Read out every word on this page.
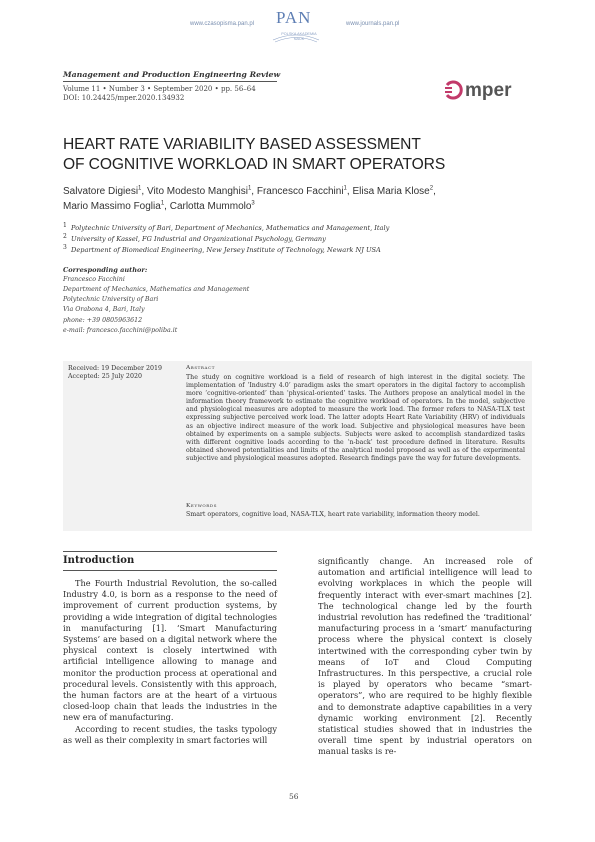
www.czasopisma.pan.pl	www.journals.pan.pl
PAN
POLSKA AKADEMIA NAUK
Management and Production Engineering Review
Volume 11 • Number 3 • September 2020 • pp. 56–64
DOI: 10.24425/mper.2020.134932	mper
HEART RATE VARIABILITY BASED ASSESSMENT
OF COGNITIVE WORKLOAD IN SMART OPERATORS
Salvatore Digiesi$^1$, Vito Modesto Manghisi$^1$, Francesco Facchini$^1$, Elisa Maria Klose$^2$,
Mario Massimo Foglia$^1$, Carlotta Mummolo$^3$
$^1$ Polytechnic University of Bari, Department of Mechanics, Mathematics and Management, Italy
$^2$ University of Kassel, FG Industrial and Organizational Psychology, Germany
$^3$ Department of Biomedical Engineering, New Jersey Institute of Technology, Newark NJ USA
Corresponding author:
Francesco Facchini
Department of Mechanics, Mathematics and Management
Polytechnic University of Bari
Via Orabona 4, Bari, Italy
phone: +39 0805963612
e-mail: francesco.facchini@poliba.it
Received: 19 December 2019
Accepted: 25 July 2020
Abstract
The study on cognitive workload is a field of research of high interest in the digital society. The implementation of ‘Industry 4.0’ paradigm asks the smart operators in the digital factory to accomplish more ‘cognitive-oriented’ than ‘physical-oriented’ tasks. The Authors propose an analytical model in the information theory framework to estimate the cognitive workload of operators. In the model, subjective and physiological measures are adopted to measure the work load. The former refers to NASA-TLX test expressing subjective perceived work load. The latter adopts Heart Rate Variability (HRV) of individuals as an objective indirect measure of the work load. Subjective and physiological measures have been obtained by experiments on a sample subjects. Subjects were asked to accomplish standardized tasks with different cognitive loads according to the ‘n-back’ test procedure defined in literature. Results obtained showed potentialities and limits of the analytical model proposed as well as of the experimental subjective and physiological measures adopted. Research findings pave the way for future developments.
Keywords
Smart operators, cognitive load, NASA-TLX, heart rate variability, information theory model.
Introduction

The Fourth Industrial Revolution, the so-called Industry 4.0, is born as a response to the need of improvement of current production systems, by providing a wide integration of digital technologies in manufacturing [1]. ‘Smart Manufacturing Systems’ are based on a digital network where the physical context is closely intertwined with artificial intelligence allowing to manage and monitor the production process at operational and procedural levels. Consistently with this approach, the human factors are at the heart of a virtuous closed-loop chain that leads the industries in the new era of manufacturing.

According to recent studies, the tasks typology as well as their complexity in smart factories will

significantly change. An increased role of automation and artificial intelligence will lead to evolving workplaces in which the people will frequently interact with ever-smart machines [2]. The technological change led by the fourth industrial revolution has redefined the ‘traditional’ manufacturing process in a ‘smart’ manufacturing process where the physical context is closely intertwined with the corresponding cyber twin by means of IoT and Cloud Computing Infrastructures. In this perspective, a crucial role is played by operators who became “smart-operators”, who are required to be highly flexible and to demonstrate adaptive capabilities in a very dynamic working environment [2]. Recently statistical studies showed that in industries the overall time spent by industrial operators on manual tasks is re-

56
